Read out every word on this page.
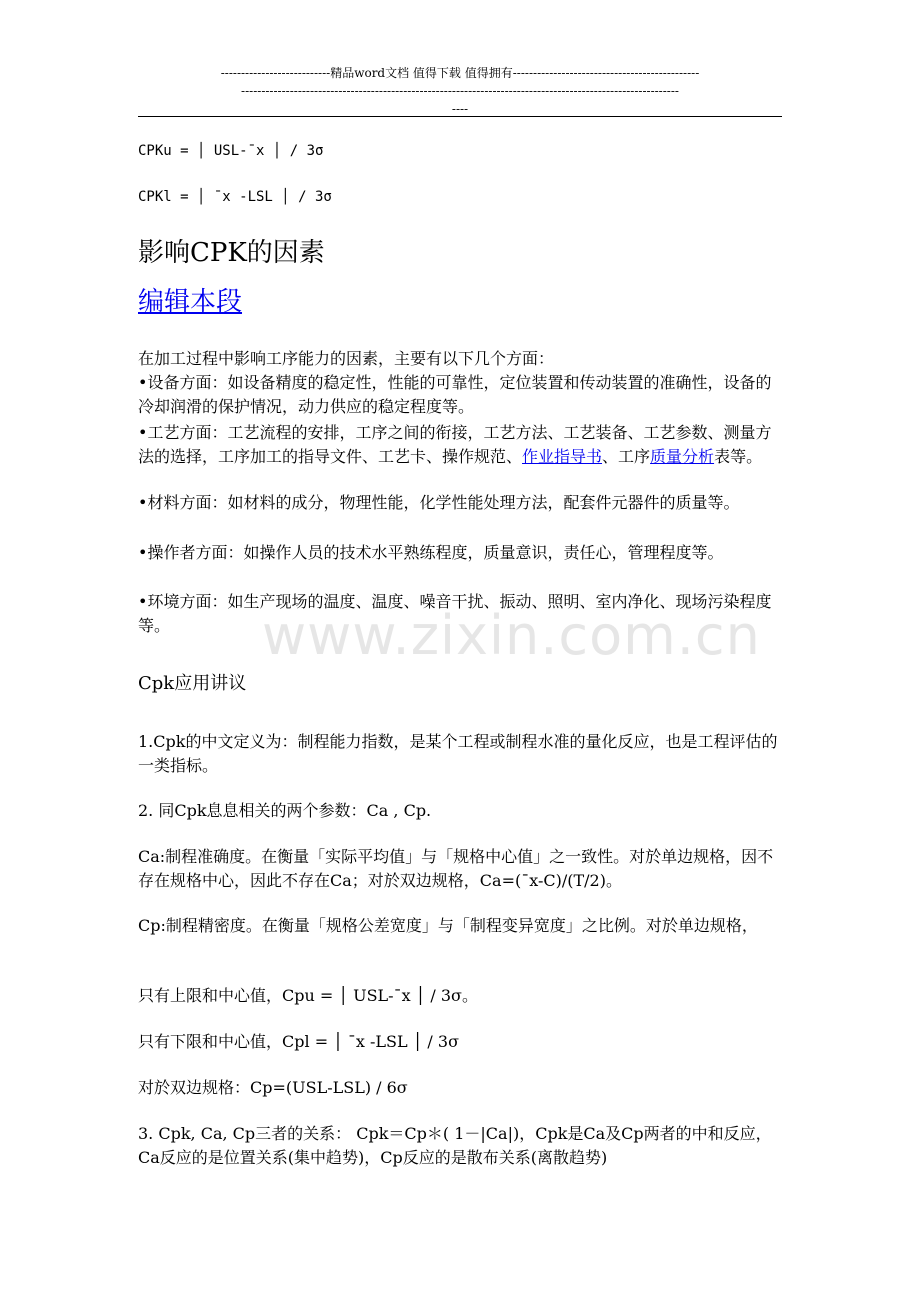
---------------------------精品word文档 值得下载 值得拥有----------------------------------------------
------------------------------------------------------------------------------------------------------------
----
www.zixin.com.cn
CPKu = │ USL-¯x │ / 3σ
CPKl = │ ¯x -LSL │ / 3σ
影响CPK的因素
编辑本段
在加工过程中影响工序能力的因素，主要有以下几个方面：
•设备方面：如设备精度的稳定性，性能的可靠性，定位装置和传动装置的准确性，设备的冷却润滑的保护情况，动力供应的稳定程度等。
•工艺方面：工艺流程的安排，工序之间的衔接，工艺方法、工艺装备、工艺参数、测量方法的选择，工序加工的指导文件、工艺卡、操作规范、作业指导书、工序质量分析表等。
•材料方面：如材料的成分，物理性能，化学性能处理方法，配套件元器件的质量等。
•操作者方面：如操作人员的技术水平熟练程度，质量意识，责任心，管理程度等。
•环境方面：如生产现场的温度、温度、噪音干扰、振动、照明、室内净化、现场污染程度等。
Cpk应用讲议
1.Cpk的中文定义为：制程能力指数，是某个工程或制程水准的量化反应，也是工程评估的一类指标。
2. 同Cpk息息相关的两个参数：Ca , Cp.
Ca:制程准确度。在衡量「实际平均值」与「规格中心值」之一致性。对於单边规格，因不存在规格中心，因此不存在Ca；对於双边规格，Ca=(¯x-C)/(T/2)。
Cp:制程精密度。在衡量「规格公差宽度」与「制程变异宽度」之比例。对於单边规格，
只有上限和中心值，Cpu = │ USL-¯x │ / 3σ。
只有下限和中心值，Cpl = │ ¯x -LSL │ / 3σ
对於双边规格：Cp=(USL-LSL) / 6σ
3. Cpk, Ca, Cp三者的关系： Cpk＝Cp＊( 1－|Ca|)，Cpk是Ca及Cp两者的中和反应，Ca反应的是位置关系(集中趋势)，Cp反应的是散布关系(离散趋势)
